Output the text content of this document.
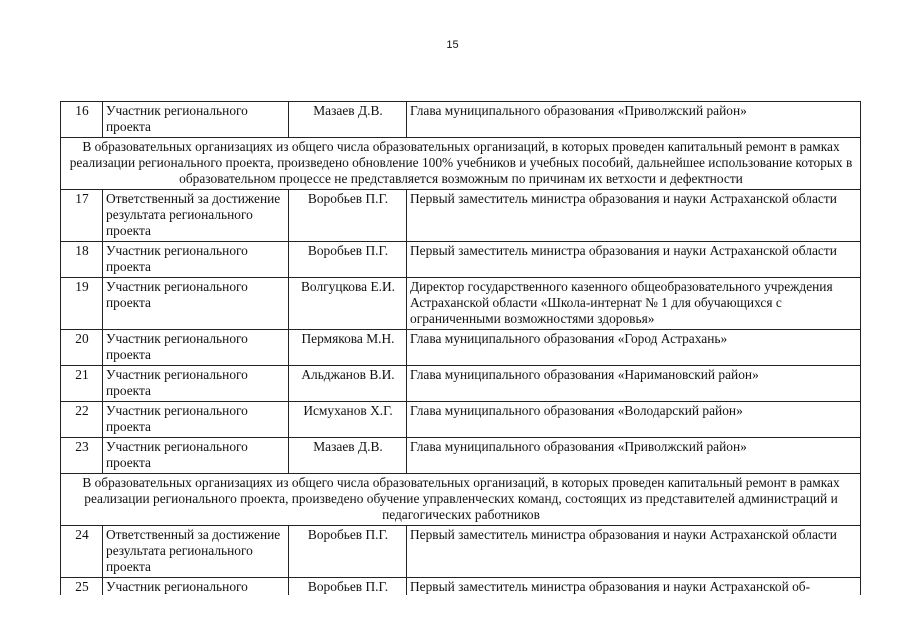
15
16	Участник регионального проекта	Мазаев Д.В.	Глава муниципального образования «Приволжский район»
В образовательных организациях из общего числа образовательных организаций, в которых проведен капитальный ремонт в рамках реализации регионального проекта, произведено обновление 100% учебников и учебных пособий, дальнейшее использование которых в образовательном процессе не представляется возможным по причинам их ветхости и дефектности			
17	Ответственный за достижение результата регионального проекта	Воробьев П.Г.	Первый заместитель министра образования и науки Астраханской области
18	Участник регионального проекта	Воробьев П.Г.	Первый заместитель министра образования и науки Астраханской области
19	Участник регионального проекта	Волгуцкова Е.И.	Директор государственного казенного общеобразовательного учреждения Астраханской области «Школа-интернат № 1 для обучающихся с ограниченными возможностями здоровья»
20	Участник регионального проекта	Пермякова М.Н.	Глава муниципального образования «Город Астрахань»
21	Участник регионального проекта	Альджанов В.И.	Глава муниципального образования «Наримановский район»
22	Участник регионального проекта	Исмуханов Х.Г.	Глава муниципального образования «Володарский район»
23	Участник регионального проекта	Мазаев Д.В.	Глава муниципального образования «Приволжский район»
В образовательных организациях из общего числа образовательных организаций, в которых проведен капитальный ремонт в рамках реализации регионального проекта, произведено обучение управленческих команд, состоящих из представителей администраций и педагогических работников			
24	Ответственный за достижение результата регионального проекта	Воробьев П.Г.	Первый заместитель министра образования и науки Астраханской области
25	Участник регионального	Воробьев П.Г.	Первый заместитель министра образования и науки Астраханской об-
